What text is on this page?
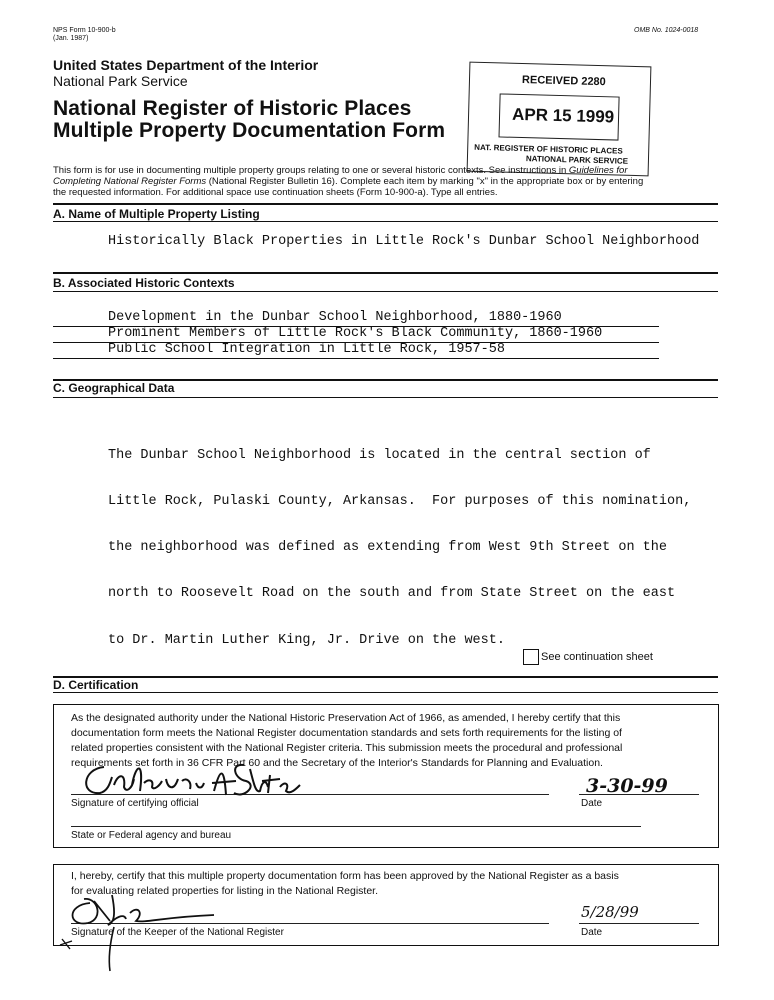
NPS Form 10-900-b
(Jan. 1987)
OMB No. 1024-0018
United States Department of the Interior
National Park Service
National Register of Historic Places
Multiple Property Documentation Form
RECEIVED 2280
APR 15 1999
NAT. REGISTER OF HISTORIC PLACES
NATIONAL PARK SERVICE
This form is for use in documenting multiple property groups relating to one or several historic contexts. See instructions in Guidelines for
Completing National Register Forms (National Register Bulletin 16). Complete each item by marking "x" in the appropriate box or by entering
the requested information. For additional space use continuation sheets (Form 10-900-a). Type all entries.
A. Name of Multiple Property Listing
Historically Black Properties in Little Rock's Dunbar School Neighborhood
B. Associated Historic Contexts
Development in the Dunbar School Neighborhood, 1880-1960
Prominent Members of Little Rock's Black Community, 1860-1960
Public School Integration in Little Rock, 1957-58
C. Geographical Data

The Dunbar School Neighborhood is located in the central section of

Little Rock, Pulaski County, Arkansas.  For purposes of this nomination,

the neighborhood was defined as extending from West 9th Street on the

north to Roosevelt Road on the south and from State Street on the east

to Dr. Martin Luther King, Jr. Drive on the west.

See continuation sheet
D. Certification
As the designated authority under the National Historic Preservation Act of 1966, as amended, I hereby certify that this
documentation form meets the National Register documentation standards and sets forth requirements for the listing of
related properties consistent with the National Register criteria. This submission meets the procedural and professional
requirements set forth in 36 CFR Part 60 and the Secretary of the Interior's Standards for Planning and Evaluation.
Signature of certifying official	Date
3-30-99
State or Federal agency and bureau
I, hereby, certify that this multiple property documentation form has been approved by the National Register as a basis
for evaluating related properties for listing in the National Register.
Signature of the Keeper of the National Register	Date
5/28/99
